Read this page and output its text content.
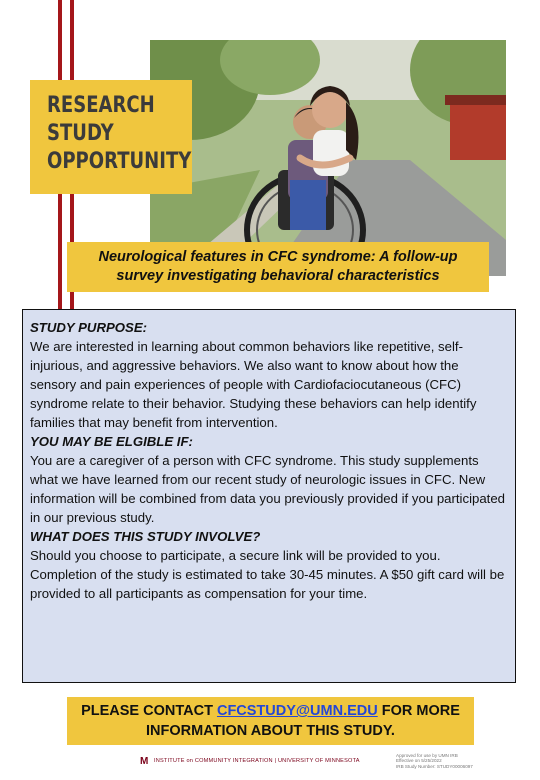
RESEARCH
STUDY
OPPORTUNITY
Neurological features in CFC syndrome: A follow-up
survey investigating behavioral characteristics
STUDY PURPOSE:

We are interested in learning about common behaviors like repetitive, self-injurious, and aggressive behaviors. We also want to know about how the sensory and pain experiences of people with Cardiofaciocutaneous (CFC) syndrome relate to their behavior. Studying these behaviors can help identify families that may benefit from intervention.

YOU MAY BE ELGIBLE IF:

You are a caregiver of a person with CFC syndrome. This study supplements what we have learned from our recent study of neurologic issues in CFC. New information will be combined from data you previously provided if you participated in our previous study.

WHAT DOES THIS STUDY INVOLVE?

Should you choose to participate, a secure link will be provided to you. Completion of the study is estimated to take 30-45 minutes. A $50 gift card will be provided to all participants as compensation for your time.

PLEASE CONTACT CFCSTUDY@UMN.EDU FOR MORE
INFORMATION ABOUT THIS STUDY.
M INSTITUTE on COMMUNITY INTEGRATION | UNIVERSITY OF MINNESOTA
Approved for use by UMN IRB
Effective on 5/25/2022
IRB Study Number: STUDY00006097
